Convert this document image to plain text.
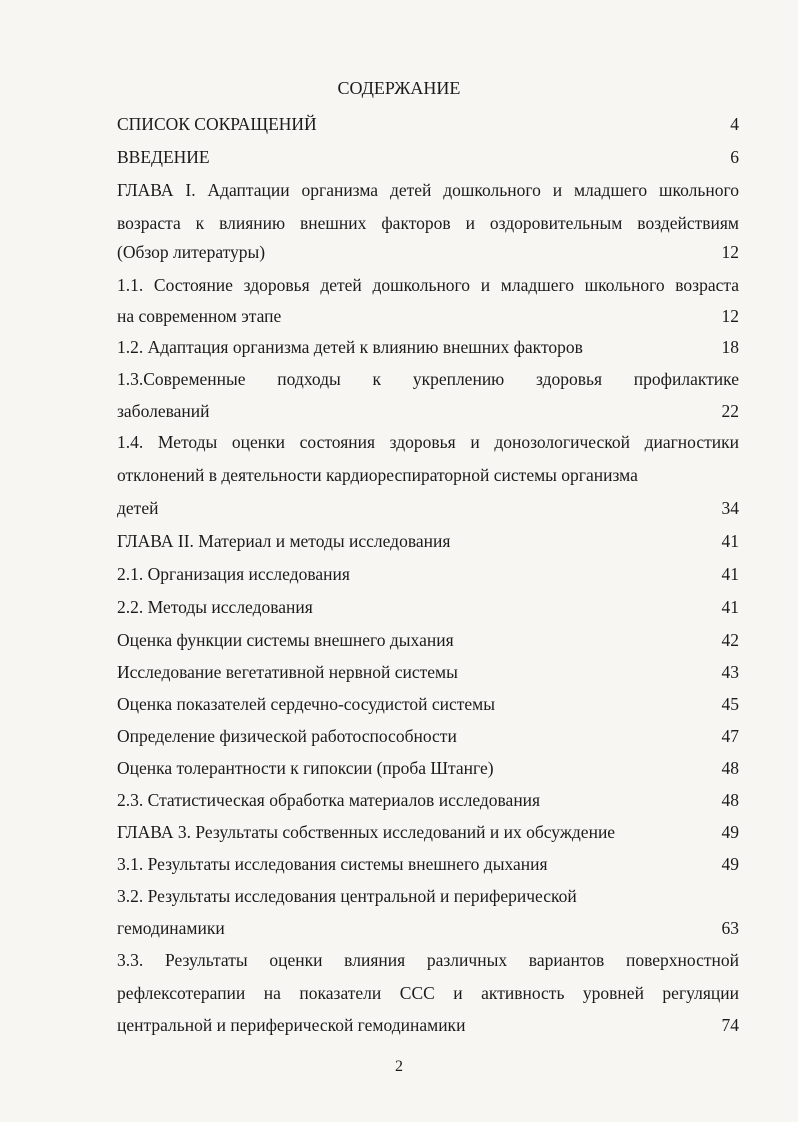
СОДЕРЖАНИЕ
СПИСОК СОКРАЩЕНИЙ	4
ВВЕДЕНИЕ	6
ГЛАВА I. Адаптации организма детей дошкольного и младшего школьного
возраста к влиянию внешних факторов и оздоровительным воздействиям
(Обзор литературы)	12
1.1. Состояние здоровья детей дошкольного и младшего школьного возраста
на современном этапе	12
1.2. Адаптация организма детей к влиянию внешних факторов	18
1.3.Современные подходы к укреплению здоровья профилактике
заболеваний	22
1.4. Методы оценки состояния здоровья и донозологической диагностики
отклонений в деятельности кардиореспираторной системы организма
детей	34
ГЛАВА II. Материал и методы исследования	41
2.1. Организация исследования	41
2.2. Методы исследования	41
Оценка функции системы внешнего дыхания	42
Исследование вегетативной нервной системы	43
Оценка показателей сердечно-сосудистой системы	45
Определение физической работоспособности	47
Оценка толерантности к гипоксии (проба Штанге)	48
2.3. Статистическая обработка материалов исследования	48
ГЛАВА 3. Результаты собственных исследований и их обсуждение	49
3.1. Результаты исследования системы внешнего дыхания	49
3.2. Результаты исследования центральной и периферической
гемодинамики	63
3.3. Результаты оценки влияния различных вариантов поверхностной
рефлексотерапии на показатели ССС и активность уровней регуляции
центральной и периферической гемодинамики	74
2
